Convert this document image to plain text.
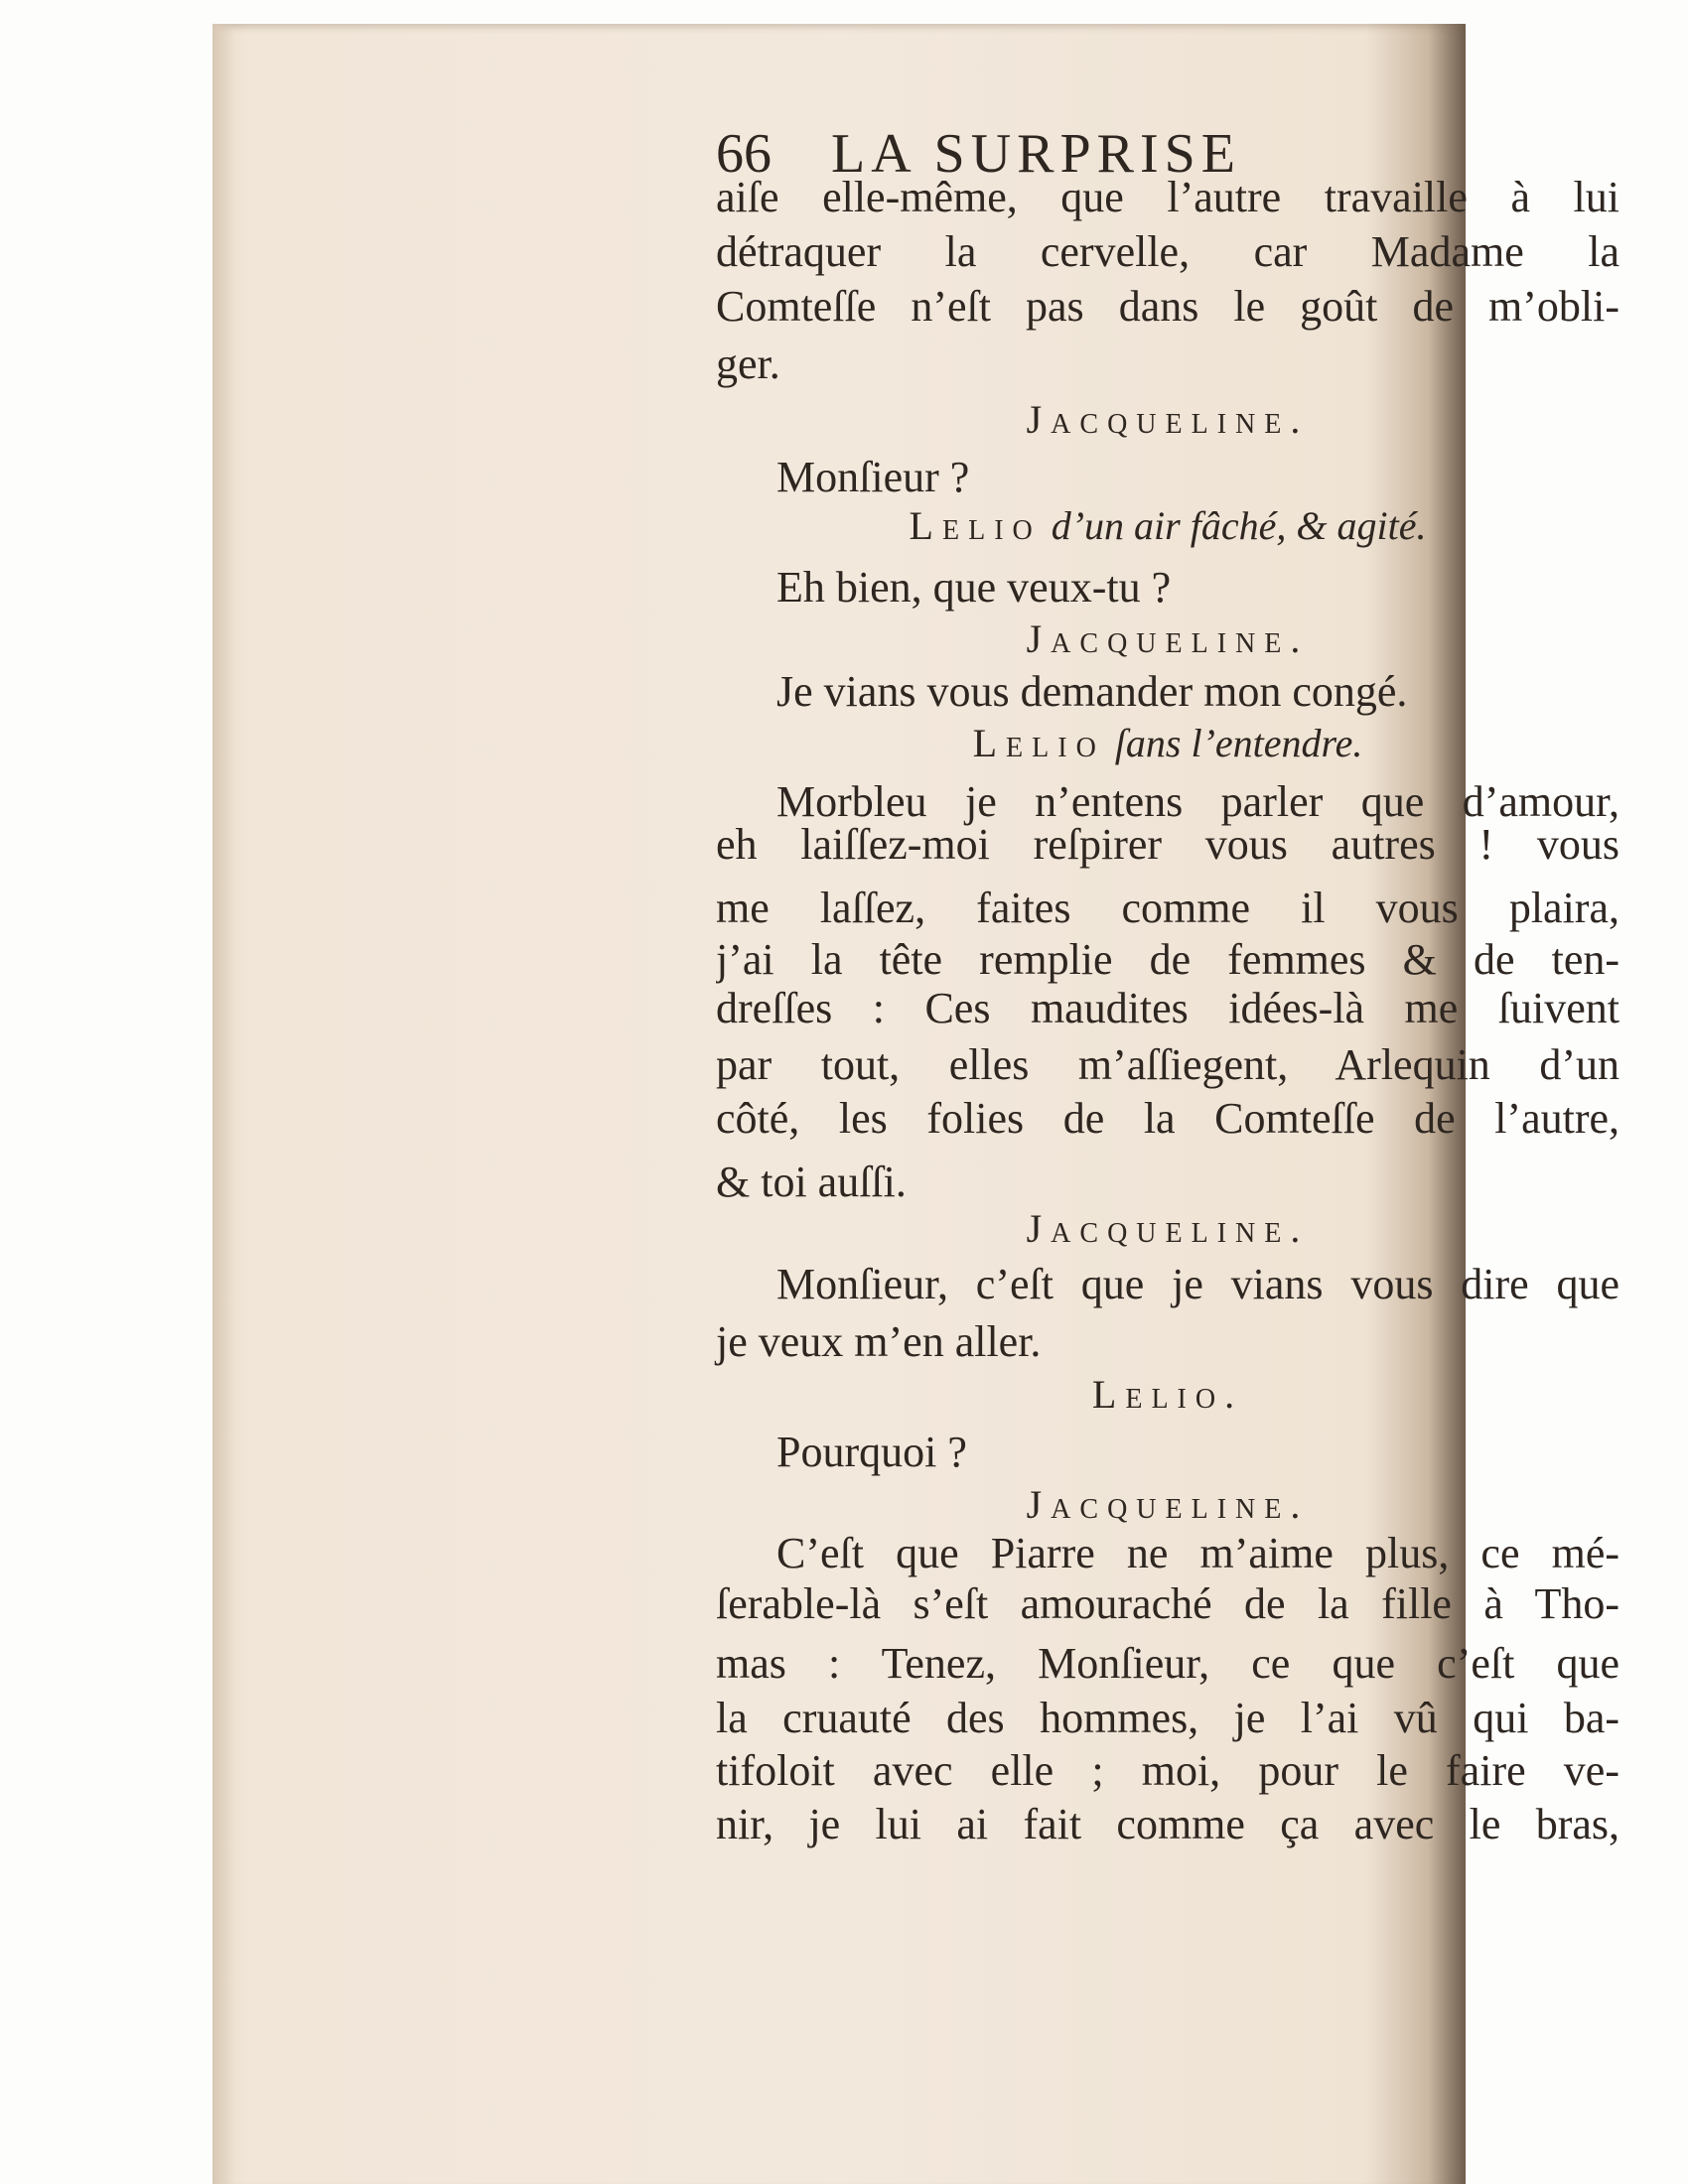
66 LA SURPRISE
aiſe elle-même, que l’autre travaille à lui
détraquer la cervelle, car Madame la
Comteſſe n’eſt pas dans le goût de m’obli-
ger.
Jacqueline.
Monſieur ?
Lelio d’un air fâché, & agité.
Eh bien, que veux-tu ?
Jacqueline.
Je vians vous demander mon congé.
Lelio ſans l’entendre.
Morbleu je n’entens parler que d’amour,
eh laiſſez-moi reſpirer vous autres ! vous
me laſſez, faites comme il vous plaira,
j’ai la tête remplie de femmes & de ten-
dreſſes : Ces maudites idées-là me ſuivent
par tout, elles m’aſſiegent, Arlequin d’un
côté, les folies de la Comteſſe de l’autre,
& toi auſſi.
Jacqueline.
Monſieur, c’eſt que je vians vous dire que
je veux m’en aller.
Lelio.
Pourquoi ?
Jacqueline.
C’eſt que Piarre ne m’aime plus, ce mé-
ſerable-là s’eſt amouraché de la fille à Tho-
mas : Tenez, Monſieur, ce que c’eſt que
la cruauté des hommes, je l’ai vû qui ba-
tifoloit avec elle ; moi, pour le faire ve-
nir, je lui ai fait comme ça avec le bras,
